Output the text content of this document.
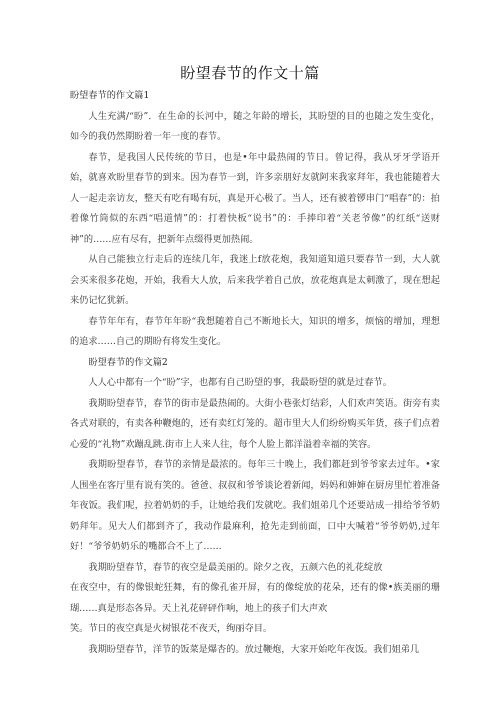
盼望春节的作文十篇

盼望春节的作文篇1

人生充满/“盼”．在生命的长河中，随之年龄的增长，其盼望的目的也随之发生变化，如今的我仍然期盼着一年一度的春节。

春节，是我国人民传统的节日，也是•年中最热闹的节日。曾记得，我从牙牙学语开始，就喜欢盼里春节的到来。因为春节一到，许多亲朋好友就阿来我家拜年，我也能随着大人一起走亲访友，整天有吃有喝有玩，真是开心极了。当人，还有被着锣串门“唱春”的：拍着像竹筒似的东西“唱道情”的：打着快板“说书”的：手捧印着“关老爷像”的红纸“送财神”的……应有尽有，把新年点缀得更加热闹。

从自己能独立行走后的连续几年，我迷上f放花炮，我知道知道只要春节一到，大人就会买来很多花炮，开始，我看大人放，后来我学着自己放，放花炮真是太刺激了，现在想起来仍记忆犹新。

春节年年有，春节年年盼“我想随着自己不断地长大，知识的增多，烦恼的增加，理想的追求……自己的期盼有将发生变化。

盼望春节的作文篇2

人人心中都有一个“盼”字，也都有自己盼望的事，我最盼望的就是过春节。

我期盼望春节，春节的街市是最热闹的。大街小巷张灯结彩，人们欢声笑语。街旁有卖各式对联的，有卖各种鞭炮的，还有卖红灯笼的。超市里大人们纷纷购买年货，孩子们点着心爱的“礼物”欢蹦乱跳.街市上人来人往，每个人脸上都洋溢着幸福的笑容。

我期盼望春节，春节的亲情是最浓的。每年三十晚上，我们都赶到爷爷家去过年。•家人围坐在客厅里有说有笑的。爸爸、叔叔和爷爷谈论着新闻，妈妈和婶婶在厨房里忙着准备年夜饭。我们呢，拉着奶奶的手，让她给我们发就吃。我们姐弟几个还要站成一排给爷爷奶奶拜年。见大人们都到齐了，我动作最麻利，抢先走到前面，口中大喊着“爷爷奶奶,过年好！“爷爷奶奶乐的嘴都合不上了……

我期盼望春节，春节的夜空是最美丽的。除夕之夜，五颜六色的礼花绽放

在夜空中，有的像银蛇狂舞，有的像孔雀开屏，有的像绽放的花朵，还有的像•族美丽的珊瑚……真是形态各异。天上礼花砰砰作响，地上的孩子们大声欢

笑。节日的夜空真是火树银花不夜天，绚丽夺目。

我期盼望春节，洋节的饭菜是爆杏的。放过鞭炮，大家开始吃年夜饭。我们姐弟几
